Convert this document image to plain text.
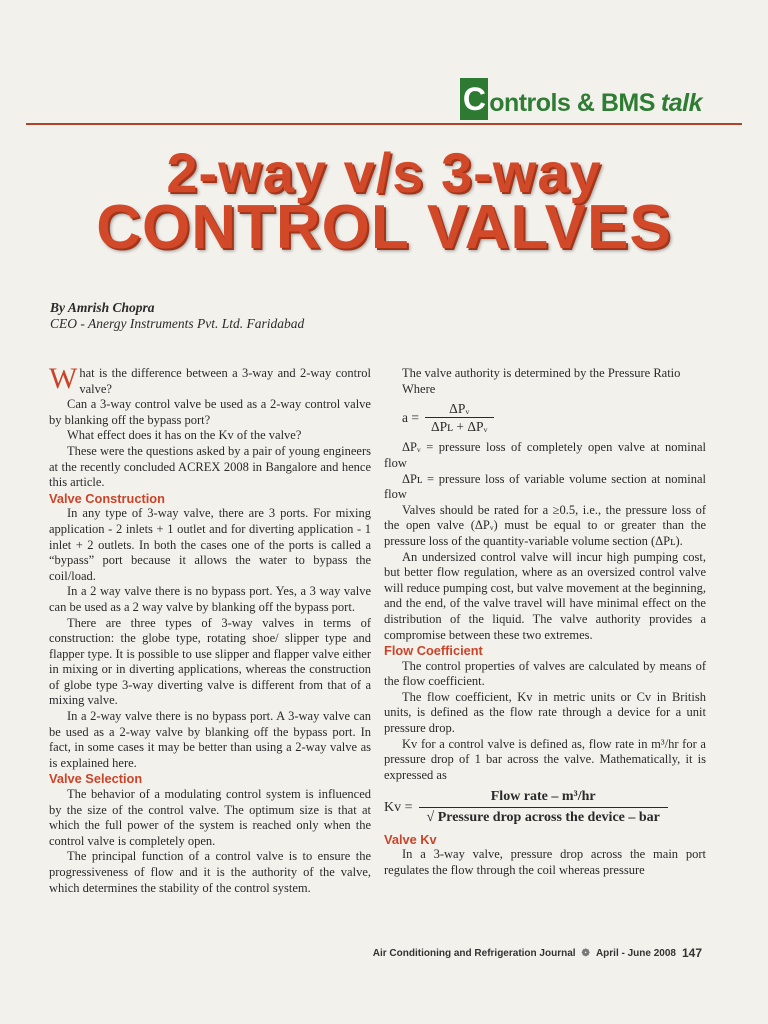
C ontrols & BMS talk
2-way v/s 3-way
CONTROL VALVES
By Amrish Chopra
CEO - Anergy Instruments Pvt. Ltd. Faridabad

What is the difference between a 3-way and 2-way control valve?

Can a 3-way control valve be used as a 2-way control valve by blanking off the bypass port?

What effect does it has on the Kv of the valve?

These were the questions asked by a pair of young engineers at the recently concluded ACREX 2008 in Bangalore and hence this article.

Valve Construction

In any type of 3-way valve, there are 3 ports. For mixing application - 2 inlets + 1 outlet and for diverting application - 1 inlet + 2 outlets. In both the cases one of the ports is called a “bypass” port because it allows the water to bypass the coil/load.

In a 2 way valve there is no bypass port. Yes, a 3 way valve can be used as a 2 way valve by blanking off the bypass port.

There are three types of 3-way valves in terms of construction: the globe type, rotating shoe/ slipper type and flapper type. It is possible to use slipper and flapper valve either in mixing or in diverting applications, whereas the construction of globe type 3-way diverting valve is different from that of a mixing valve.

In a 2-way valve there is no bypass port. A 3-way valve can be used as a 2-way valve by blanking off the bypass port. In fact, in some cases it may be better than using a 2-way valve as is explained here.

Valve Selection

The behavior of a modulating control system is influenced by the size of the control valve. The optimum size is that at which the full power of the system is reached only when the control valve is completely open.

The principal function of a control valve is to ensure the progressiveness of flow and it is the authority of the valve, which determines the stability of the control system.

The valve authority is determined by the Pressure Ratio

Where

$a = \frac{\text{ΔPᵥ}}{\text{ΔPʟ + ΔPᵥ}}$

ΔPᵥ = pressure loss of completely open valve at nominal flow

ΔPʟ = pressure loss of variable volume section at nominal flow

Valves should be rated for a ≥0.5, i.e., the pressure loss of the open valve (ΔPᵥ) must be equal to or greater than the pressure loss of the quantity-variable volume section (ΔPʟ).

An undersized control valve will incur high pumping cost, but better flow regulation, where as an oversized control valve will reduce pumping cost, but valve movement at the beginning, and the end, of the valve travel will have minimal effect on the distribution of the liquid. The valve authority provides a compromise between these two extremes.

Flow Coefficient

The control properties of valves are calculated by means of the flow coefficient.

The flow coefficient, Kv in metric units or Cv in British units, is defined as the flow rate through a device for a unit pressure drop.

Kv for a control valve is defined as, flow rate in m³/hr for a pressure drop of 1 bar across the valve. Mathematically, it is expressed as

$Kv = \frac{\text{Flow rate – m³/hr}}{\text{√ Pressure drop across the device – bar}}$
Valve Kv

In a 3-way valve, pressure drop across the main port regulates the flow through the coil whereas pressure

Air Conditioning and Refrigeration Journal ❁ April - June 2008 147
